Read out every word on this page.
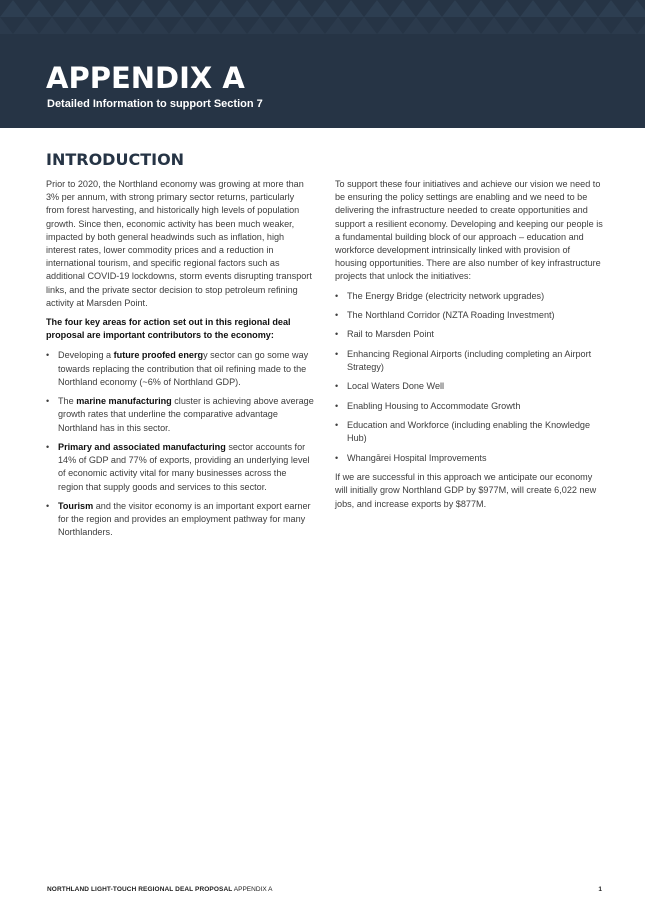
APPENDIX A

Detailed Information to support Section 7

INTRODUCTION

Prior to 2020, the Northland economy was growing at more than 3% per annum, with strong primary sector returns, particularly from forest harvesting, and historically high levels of population growth. Since then, economic activity has been much weaker, impacted by both general headwinds such as inflation, high interest rates, lower commodity prices and a reduction in international tourism, and specific regional factors such as additional COVID-19 lockdowns, storm events disrupting transport links, and the private sector decision to stop petroleum refining activity at Marsden Point.

The four key areas for action set out in this regional deal proposal are important contributors to the economy:

• Developing a future proofed energy sector can go some way towards replacing the contribution that oil refining made to the Northland economy (~6% of Northland GDP).
• The marine manufacturing cluster is achieving above average growth rates that underline the comparative advantage Northland has in this sector.
• Primary and associated manufacturing sector accounts for 14% of GDP and 77% of exports, providing an underlying level of economic activity vital for many businesses across the region that supply goods and services to this sector.
• Tourism and the visitor economy is an important export earner for the region and provides an employment pathway for many Northlanders.

To support these four initiatives and achieve our vision we need to be ensuring the policy settings are enabling and we need to be delivering the infrastructure needed to create opportunities and support a resilient economy. Developing and keeping our people is a fundamental building block of our approach – education and workforce development intrinsically linked with provision of housing opportunities. There are also number of key infrastructure projects that unlock the initiatives:

• The Energy Bridge (electricity network upgrades)
• The Northland Corridor (NZTA Roading Investment)
• Rail to Marsden Point
• Enhancing Regional Airports (including completing an Airport Strategy)
• Local Waters Done Well
• Enabling Housing to Accommodate Growth
• Education and Workforce (including enabling the Knowledge Hub)
• Whangārei Hospital Improvements

If we are successful in this approach we anticipate our economy will initially grow Northland GDP by $977M, will create 6,022 new jobs, and increase exports by $877M.

NORTHLAND LIGHT-TOUCH REGIONAL DEAL PROPOSAL APPENDIX A	1
